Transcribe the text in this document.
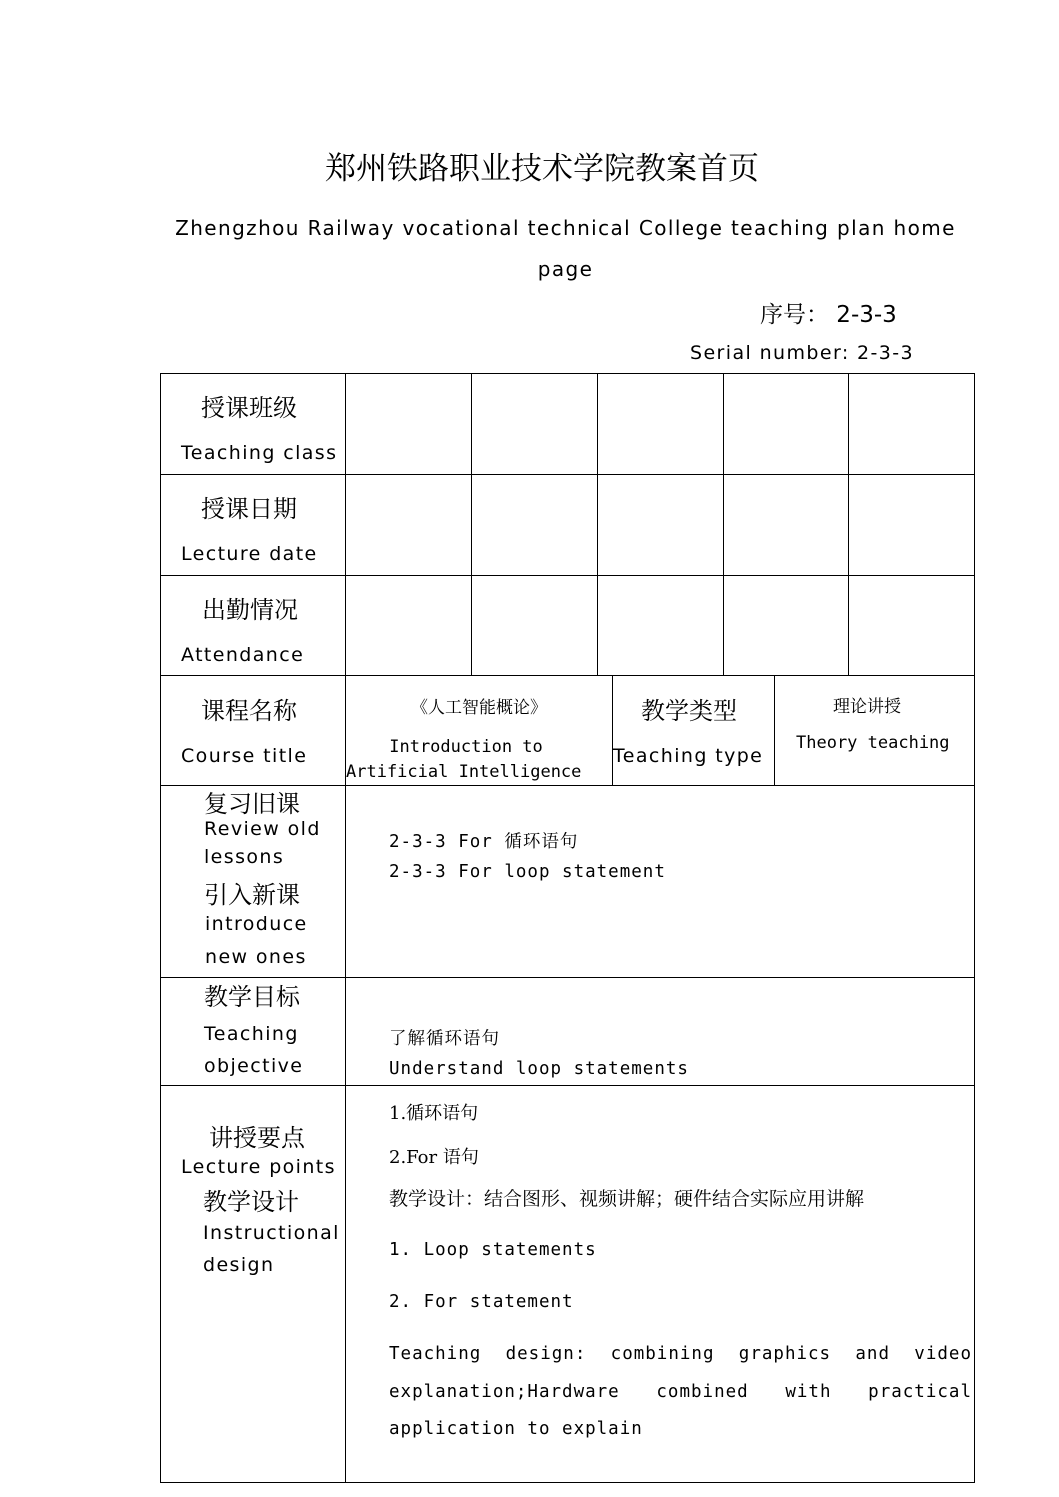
郑州铁路职业技术学院教案首页
Zhengzhou Railway vocational technical College teaching plan home
page
序号： 2-3-3
Serial number: 2-3-3
授课班级
Teaching class
授课日期
Lecture date
出勤情况
Attendance
课程名称
Course title
《人工智能概论》
Introduction to
Artificial Intelligence
教学类型
Teaching type
理论讲授
Theory teaching
复习旧课
Review old
lessons
引入新课
introduce
new ones
2-3-3 For 循环语句
2-3-3 For loop statement
教学目标
Teaching
objective
了解循环语句
Understand loop statements
讲授要点
Lecture points
教学设计
Instructional
design
1.循环语句
2.For 语句
教学设计：结合图形、视频讲解；硬件结合实际应用讲解
1. Loop statements
2. For statement
Teaching design: combining graphics and video
explanation;Hardware combined with practical
application to explain
